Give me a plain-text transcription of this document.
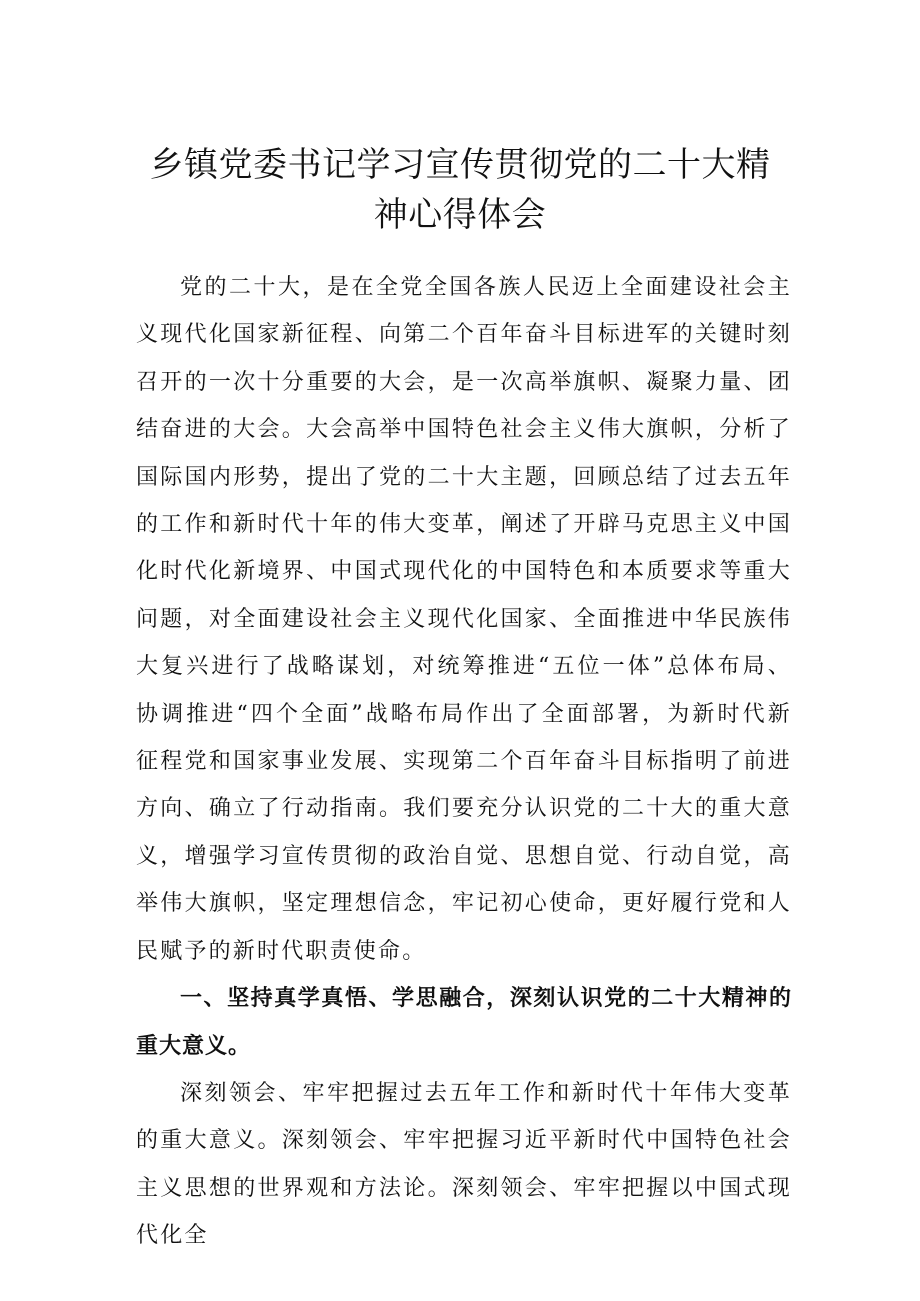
乡镇党委书记学习宣传贯彻党的二十大精
神心得体会

党的二十大，是在全党全国各族人民迈上全面建设社会主义现代化国家新征程、向第二个百年奋斗目标进军的关键时刻召开的一次十分重要的大会，是一次高举旗帜、凝聚力量、团结奋进的大会。大会高举中国特色社会主义伟大旗帜，分析了国际国内形势，提出了党的二十大主题，回顾总结了过去五年的工作和新时代十年的伟大变革，阐述了开辟马克思主义中国化时代化新境界、中国式现代化的中国特色和本质要求等重大问题，对全面建设社会主义现代化国家、全面推进中华民族伟大复兴进行了战略谋划，对统筹推进“五位一体”总体布局、协调推进“四个全面”战略布局作出了全面部署，为新时代新征程党和国家事业发展、实现第二个百年奋斗目标指明了前进方向、确立了行动指南。我们要充分认识党的二十大的重大意义，增强学习宣传贯彻的政治自觉、思想自觉、行动自觉，高举伟大旗帜，坚定理想信念，牢记初心使命，更好履行党和人民赋予的新时代职责使命。

一、坚持真学真悟、学思融合，深刻认识党的二十大精神的重大意义。

深刻领会、牢牢把握过去五年工作和新时代十年伟大变革的重大意义。深刻领会、牢牢把握习近平新时代中国特色社会主义思想的世界观和方法论。深刻领会、牢牢把握以中国式现代化全
